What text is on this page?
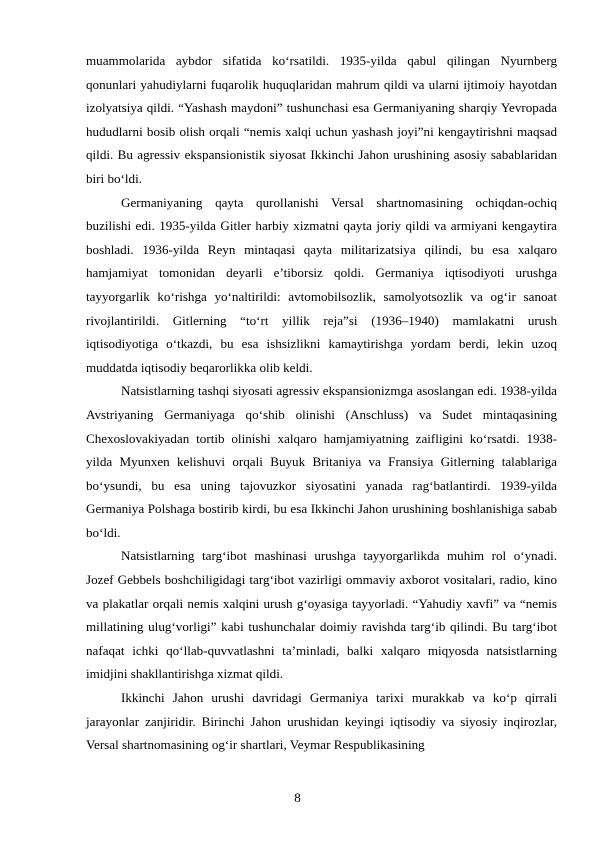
muammolarida aybdor sifatida ko‘rsatildi. 1935-yilda qabul qilingan Nyurnberg qonunlari yahudiylarni fuqarolik huquqlaridan mahrum qildi va ularni ijtimoiy hayotdan izolyatsiya qildi. “Yashash maydoni” tushunchasi esa Germaniyaning sharqiy Yevropada hududlarni bosib olish orqali “nemis xalqi uchun yashash joyi”ni kengaytirishni maqsad qildi. Bu agressiv ekspansionistik siyosat Ikkinchi Jahon urushining asosiy sabablaridan biri bo‘ldi.

Germaniyaning qayta qurollanishi Versal shartnomasining ochiqdan-ochiq buzilishi edi. 1935-yilda Gitler harbiy xizmatni qayta joriy qildi va armiyani kengaytira boshladi. 1936-yilda Reyn mintaqasi qayta militarizatsiya qilindi, bu esa xalqaro hamjamiyat tomonidan deyarli e’tiborsiz qoldi. Germaniya iqtisodiyoti urushga tayyorgarlik ko‘rishga yo‘naltirildi: avtomobilsozlik, samolyotsozlik va og‘ir sanoat rivojlantirildi. Gitlerning “to‘rt yillik reja”si (1936–1940) mamlakatni urush iqtisodiyotiga o‘tkazdi, bu esa ishsizlikni kamaytirishga yordam berdi, lekin uzoq muddatda iqtisodiy beqarorlikka olib keldi.

Natsistlarning tashqi siyosati agressiv ekspansionizmga asoslangan edi. 1938-yilda Avstriyaning Germaniyaga qo‘shib olinishi (Anschluss) va Sudet mintaqasining Chexoslovakiyadan tortib olinishi xalqaro hamjamiyatning zaifligini ko‘rsatdi. 1938-yilda Myunxen kelishuvi orqali Buyuk Britaniya va Fransiya Gitlerning talablariga bo‘ysundi, bu esa uning tajovuzkor siyosatini yanada rag‘batlantirdi. 1939-yilda Germaniya Polshaga bostirib kirdi, bu esa Ikkinchi Jahon urushining boshlanishiga sabab bo‘ldi.

Natsistlarning targ‘ibot mashinasi urushga tayyorgarlikda muhim rol o‘ynadi. Jozef Gebbels boshchiligidagi targ‘ibot vazirligi ommaviy axborot vositalari, radio, kino va plakatlar orqali nemis xalqini urush g‘oyasiga tayyorladi. “Yahudiy xavfi” va “nemis millatining ulug‘vorligi” kabi tushunchalar doimiy ravishda targ‘ib qilindi. Bu targ‘ibot nafaqat ichki qo‘llab-quvvatlashni ta’minladi, balki xalqaro miqyosda natsistlarning imidjini shakllantirishga xizmat qildi.

Ikkinchi Jahon urushi davridagi Germaniya tarixi murakkab va ko‘p qirrali jarayonlar zanjiridir. Birinchi Jahon urushidan keyingi iqtisodiy va siyosiy inqirozlar, Versal shartnomasining og‘ir shartlari, Veymar Respublikasining

8
